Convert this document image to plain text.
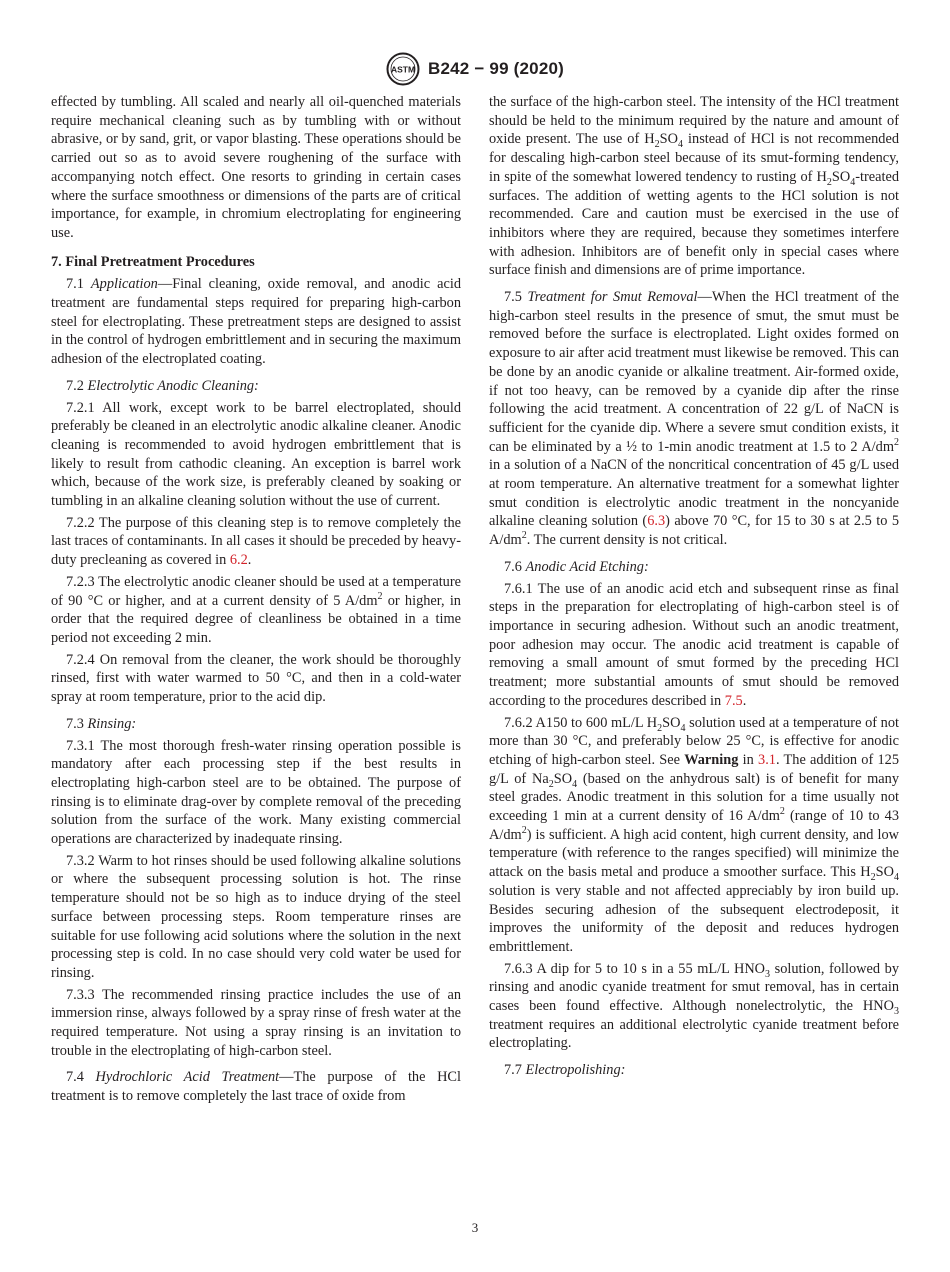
ASTM B242 − 99 (2020)

effected by tumbling. All scaled and nearly all oil-quenched materials require mechanical cleaning such as by tumbling with or without abrasive, or by sand, grit, or vapor blasting. These operations should be carried out so as to avoid severe roughening of the surface with accompanying notch effect. One resorts to grinding in certain cases where the surface smoothness or dimensions of the parts are of critical importance, for example, in chromium electroplating for engineering use.

7. Final Pretreatment Procedures

7.1 Application—Final cleaning, oxide removal, and anodic acid treatment are fundamental steps required for preparing high-carbon steel for electroplating. These pretreatment steps are designed to assist in the control of hydrogen embrittlement and in securing the maximum adhesion of the electroplated coating.

7.2 Electrolytic Anodic Cleaning:

7.2.1 All work, except work to be barrel electroplated, should preferably be cleaned in an electrolytic anodic alkaline cleaner. Anodic cleaning is recommended to avoid hydrogen embrittlement that is likely to result from cathodic cleaning. An exception is barrel work which, because of the work size, is preferably cleaned by soaking or tumbling in an alkaline cleaning solution without the use of current.

7.2.2 The purpose of this cleaning step is to remove completely the last traces of contaminants. In all cases it should be preceded by heavy-duty precleaning as covered in 6.2.

7.2.3 The electrolytic anodic cleaner should be used at a temperature of 90 °C or higher, and at a current density of 5 $A/dm^2$ or higher, in order that the required degree of cleanliness be obtained in a time period not exceeding 2 min.

7.2.4 On removal from the cleaner, the work should be thoroughly rinsed, first with water warmed to 50 °C, and then in a cold-water spray at room temperature, prior to the acid dip.

7.3 Rinsing:

7.3.1 The most thorough fresh-water rinsing operation possible is mandatory after each processing step if the best results in electroplating high-carbon steel are to be obtained. The purpose of rinsing is to eliminate drag-over by complete removal of the preceding solution from the surface of the work. Many existing commercial operations are characterized by inadequate rinsing.

7.3.2 Warm to hot rinses should be used following alkaline solutions or where the subsequent processing solution is hot. The rinse temperature should not be so high as to induce drying of the steel surface between processing steps. Room temperature rinses are suitable for use following acid solutions where the solution in the next processing step is cold. In no case should very cold water be used for rinsing.

7.3.3 The recommended rinsing practice includes the use of an immersion rinse, always followed by a spray rinse of fresh water at the required temperature. Not using a spray rinsing is an invitation to trouble in the electroplating of high-carbon steel.

7.4 Hydrochloric Acid Treatment—The purpose of the HCl treatment is to remove completely the last trace of oxide from

the surface of the high-carbon steel. The intensity of the HCl treatment should be held to the minimum required by the nature and amount of oxide present. The use of $H_2SO_4$ instead of HCl is not recommended for descaling high-carbon steel because of its smut-forming tendency, in spite of the somewhat lowered tendency to rusting of $H_2SO_4$-treated surfaces. The addition of wetting agents to the HCl solution is not recommended. Care and caution must be exercised in the use of inhibitors where they are required, because they sometimes interfere with adhesion. Inhibitors are of benefit only in special cases where surface finish and dimensions are of prime importance.

7.5 Treatment for Smut Removal—When the HCl treatment of the high-carbon steel results in the presence of smut, the smut must be removed before the surface is electroplated. Light oxides formed on exposure to air after acid treatment must likewise be removed. This can be done by an anodic cyanide or alkaline treatment. Air-formed oxide, if not too heavy, can be removed by a cyanide dip after the rinse following the acid treatment. A concentration of 22 g/L of NaCN is sufficient for the cyanide dip. Where a severe smut condition exists, it can be eliminated by a ½ to 1-min anodic treatment at 1.5 to 2 $A/dm^2$ in a solution of a NaCN of the noncritical concentration of 45 g/L used at room temperature. An alternative treatment for a somewhat lighter smut condition is electrolytic anodic treatment in the noncyanide alkaline cleaning solution (6.3) above 70 °C, for 15 to 30 s at 2.5 to 5 $A/dm^2$. The current density is not critical.

7.6 Anodic Acid Etching:

7.6.1 The use of an anodic acid etch and subsequent rinse as final steps in the preparation for electroplating of high-carbon steel is of importance in securing adhesion. Without such an anodic treatment, poor adhesion may occur. The anodic acid treatment is capable of removing a small amount of smut formed by the preceding HCl treatment; more substantial amounts of smut should be removed according to the procedures described in 7.5.

7.6.2 A150 to 600 mL/L $H_2SO_4$ solution used at a temperature of not more than 30 °C, and preferably below 25 °C, is effective for anodic etching of high-carbon steel. See Warning in 3.1. The addition of 125 g/L of $Na_2SO_4$ (based on the anhydrous salt) is of benefit for many steel grades. Anodic treatment in this solution for a time usually not exceeding 1 min at a current density of 16 $A/dm^2$ (range of 10 to 43 $A/dm^2$) is sufficient. A high acid content, high current density, and low temperature (with reference to the ranges specified) will minimize the attack on the basis metal and produce a smoother surface. This $H_2SO_4$ solution is very stable and not affected appreciably by iron build up. Besides securing adhesion of the subsequent electrodeposit, it improves the uniformity of the deposit and reduces hydrogen embrittlement.

7.6.3 A dip for 5 to 10 s in a 55 mL/L $HNO_3$ solution, followed by rinsing and anodic cyanide treatment for smut removal, has in certain cases been found effective. Although nonelectrolytic, the $HNO_3$ treatment requires an additional electrolytic cyanide treatment before electroplating.

7.7 Electropolishing:

3
